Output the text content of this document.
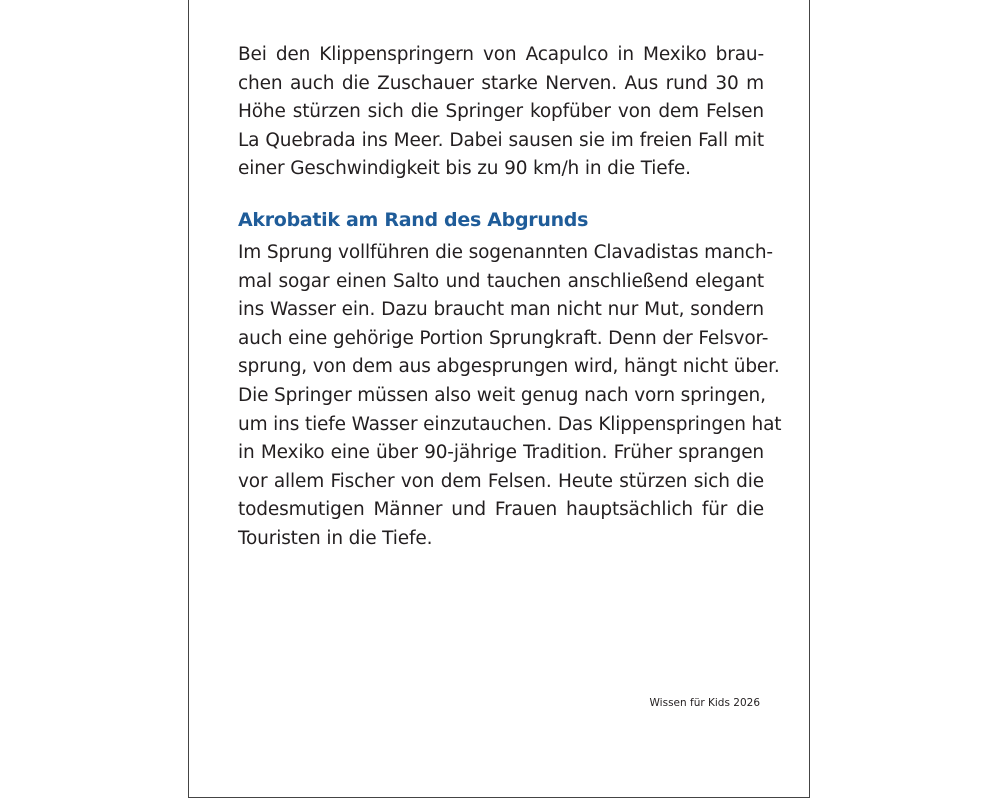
Bei den Klippenspringern von Acapulco in Mexiko brau-
chen auch die Zuschauer starke Nerven. Aus rund 30 m
Höhe stürzen sich die Springer kopfüber von dem Felsen
La Quebrada ins Meer. Dabei sausen sie im freien Fall mit
einer Geschwindigkeit bis zu 90 km/h in die Tiefe.
Akrobatik am Rand des Abgrunds
Im Sprung vollführen die sogenannten Clavadistas manch-
mal sogar einen Salto und tauchen anschließend elegant
ins Wasser ein. Dazu braucht man nicht nur Mut, sondern
auch eine gehörige Portion Sprungkraft. Denn der Felsvor-
sprung, von dem aus abgesprungen wird, hängt nicht über.
Die Springer müssen also weit genug nach vorn springen,
um ins tiefe Wasser einzutauchen. Das Klippenspringen hat
in Mexiko eine über 90-jährige Tradition. Früher sprangen
vor allem Fischer von dem Felsen. Heute stürzen sich die
todesmutigen Männer und Frauen hauptsächlich für die
Touristen in die Tiefe.
Wissen für Kids 2026
